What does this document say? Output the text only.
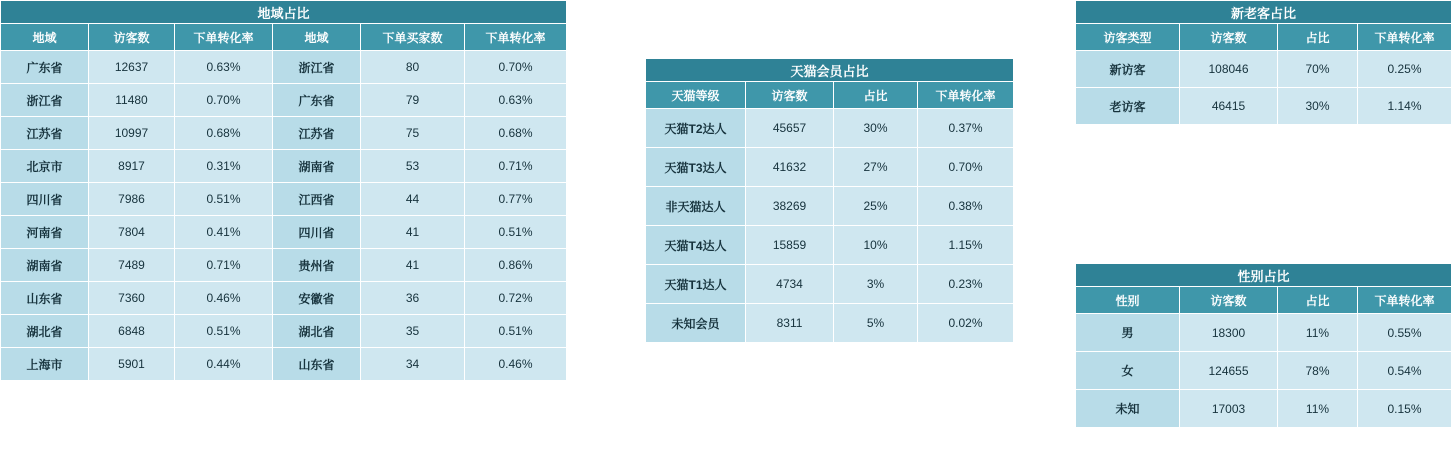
地域占比					
地域	访客数	下单转化率	地域	下单买家数	下单转化率
广东省	12637	0.63%	浙江省	80	0.70%
浙江省	11480	0.70%	广东省	79	0.63%
江苏省	10997	0.68%	江苏省	75	0.68%
北京市	8917	0.31%	湖南省	53	0.71%
四川省	7986	0.51%	江西省	44	0.77%
河南省	7804	0.41%	四川省	41	0.51%
湖南省	7489	0.71%	贵州省	41	0.86%
山东省	7360	0.46%	安徽省	36	0.72%
湖北省	6848	0.51%	湖北省	35	0.51%
上海市	5901	0.44%	山东省	34	0.46%
天猫会员占比			
天猫等级	访客数	占比	下单转化率
天猫T2达人	45657	30%	0.37%
天猫T3达人	41632	27%	0.70%
非天猫达人	38269	25%	0.38%
天猫T4达人	15859	10%	1.15%
天猫T1达人	4734	3%	0.23%
未知会员	8311	5%	0.02%
新老客占比			
访客类型	访客数	占比	下单转化率
新访客	108046	70%	0.25%
老访客	46415	30%	1.14%
性别占比			
性别	访客数	占比	下单转化率
男	18300	11%	0.55%
女	124655	78%	0.54%
未知	17003	11%	0.15%
